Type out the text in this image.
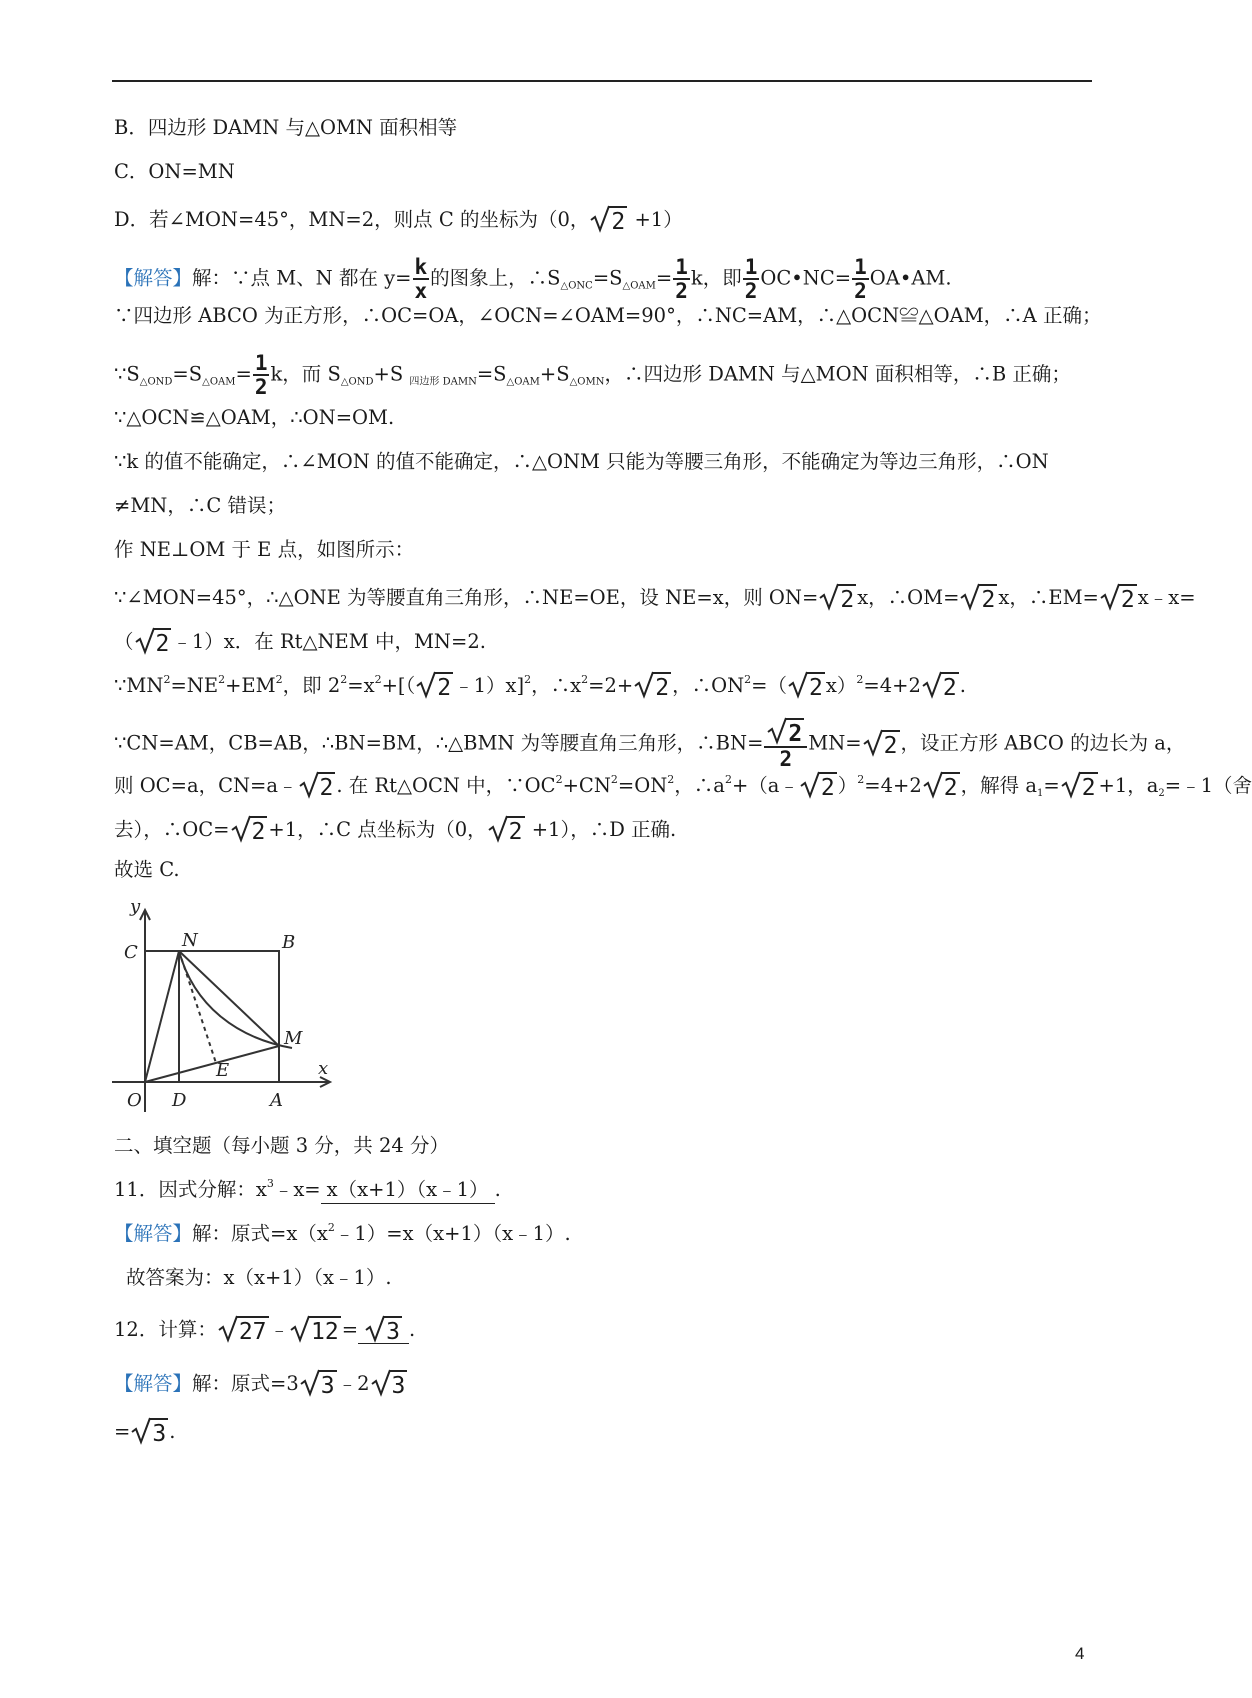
B．四边形 DAMN 与△OMN 面积相等
C．ON=MN
D．若∠MON=45°，MN=2，则点 C 的坐标为（0， 2 +1）
【解答】解：∵点 M、N 都在 $y= \frac{k}{x}$ 的图象上，$\therefore S_{\triangle ONC}=S_{\triangle OAM}= \frac{1}{2}$ k，即 $\frac{1}{2}$ OC•NC= $\frac{1}{2}$ OA•AM.
∵四边形 ABCO 为正方形，∴OC=OA，∠OCN=∠OAM=90°，∴NC=AM，∴△OCN≌△OAM，∴A 正确；
$\because S_{\triangle OND}=S_{\triangle OAM}= \frac{1}{2}$ k，而 $S_{\triangle OND}+S$ $_{四边形 DAMN}=S_{\triangle OAM}+S_{\triangle OMN}$，∴四边形 DAMN 与△MON 面积相等，∴B 正确；
∵△OCN≌△OAM，∴ON=OM.
∵k 的值不能确定，∴∠MON 的值不能确定，∴△ONM 只能为等腰三角形，不能确定为等边三角形，∴ON
≠MN，∴C 错误；
作 NE⊥OM 于 E 点，如图所示：
∵∠MON=45°，∴△ONE 为等腰直角三角形，∴NE=OE，设 NE=x，则 ON= 2 x，∴OM= 2 x，∴EM= 2 x﹣x=
（ 2 ﹣1）x．在 Rt△NEM 中，MN=2.
$\because MN^2=NE^2+EM^2$，即 $2^2=x^2+$[（ 2 ﹣1）x]$^2$，$\therefore x^2=2+ 2$ ，$\therefore ON^2=$（ 2 x）$^2$=4+2 2 .
∵CN=AM，CB=AB，∴BN=BM，∴△BMN 为等腰直角三角形，∴BN= $\frac{2}{2} MN= 2$ ，设正方形 ABCO 的边长为 a，
则 OC=a，CN=a﹣ 2 . 在 Rt△OCN 中，$\because OC^2+CN^2=ON^2$，$\therefore a^2+(a﹣$ 2 ）$^2$=4+2 2 ，解得 $a_1= 2 +1$，$a_2=﹣1$（舍
去），∴OC= 2 +1，∴C 点坐标为（0， 2 +1），∴D 正确.
故选 C.
二、填空题（每小题 3 分，共 24 分）
11．因式分解：$x^3﹣x=$ x（x+1）（x﹣1） .
【解答】解：原式$=x(x^2﹣1)=x(x+1)(x﹣1)$.
故答案为：x（x+1）（x﹣1）.
12．计算： 27 ﹣ 12 = 3 .
【解答】解：原式=3 3 ﹣2 3
= 3 .
y
x
C
N	B
M
E
O D	A
4
